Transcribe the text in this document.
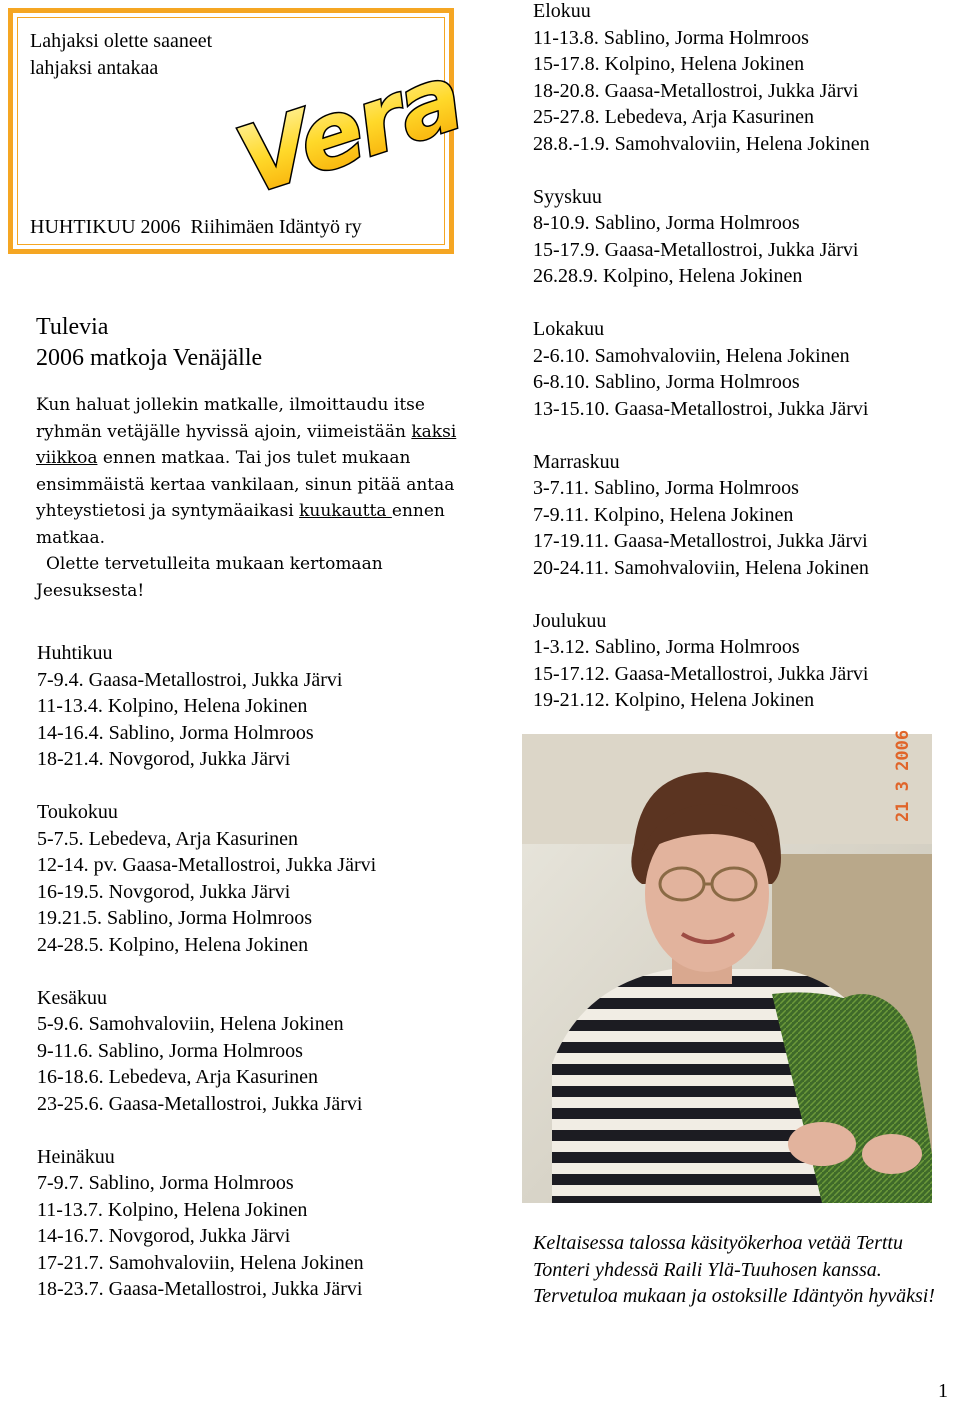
Lahjaksi olette saaneet
lahjaksi antakaa Vera
HUHTIKUU 2006 Riihimäen Idäntyö ry
Tulevia
2006 matkoja Venäjälle
Kun haluat jollekin matkalle, ilmoittaudu itse ryhmän vetäjälle hyvissä ajoin, viimeistään kaksi viikkoa ennen matkaa. Tai jos tulet mukaan ensimmäistä kertaa vankilaan, sinun pitää antaa yhteystietosi ja syntymäaikasi kuukautta ennen matkaa.
Olette tervetulleita mukaan kertomaan
Jeesuksesta!
Huhtikuu
7-9.4. Gaasa-Metallostroi, Jukka Järvi
11-13.4. Kolpino, Helena Jokinen
14-16.4. Sablino, Jorma Holmroos
18-21.4. Novgorod, Jukka Järvi
Toukokuu
5-7.5. Lebedeva, Arja Kasurinen
12-14. pv. Gaasa-Metallostroi, Jukka Järvi
16-19.5. Novgorod, Jukka Järvi
19.21.5. Sablino, Jorma Holmroos
24-28.5. Kolpino, Helena Jokinen
Kesäkuu
5-9.6. Samohvaloviin, Helena Jokinen
9-11.6. Sablino, Jorma Holmroos
16-18.6. Lebedeva, Arja Kasurinen
23-25.6. Gaasa-Metallostroi, Jukka Järvi
Heinäkuu
7-9.7. Sablino, Jorma Holmroos
11-13.7. Kolpino, Helena Jokinen
14-16.7. Novgorod, Jukka Järvi
17-21.7. Samohvaloviin, Helena Jokinen
18-23.7. Gaasa-Metallostroi, Jukka Järvi
Elokuu
11-13.8. Sablino, Jorma Holmroos
15-17.8. Kolpino, Helena Jokinen
18-20.8. Gaasa-Metallostroi, Jukka Järvi
25-27.8. Lebedeva, Arja Kasurinen
28.8.-1.9. Samohvaloviin, Helena Jokinen
Syyskuu
8-10.9. Sablino, Jorma Holmroos
15-17.9. Gaasa-Metallostroi, Jukka Järvi
26.28.9. Kolpino, Helena Jokinen
Lokakuu
2-6.10. Samohvaloviin, Helena Jokinen
6-8.10. Sablino, Jorma Holmroos
13-15.10. Gaasa-Metallostroi, Jukka Järvi
Marraskuu
3-7.11. Sablino, Jorma Holmroos
7-9.11. Kolpino, Helena Jokinen
17-19.11. Gaasa-Metallostroi, Jukka Järvi
20-24.11. Samohvaloviin, Helena Jokinen
Joulukuu
1-3.12. Sablino, Jorma Holmroos
15-17.12. Gaasa-Metallostroi, Jukka Järvi
19-21.12. Kolpino, Helena Jokinen
21 3 2006
Keltaisessa talossa käsityökerhoa vetää Terttu Tonteri yhdessä Raili Ylä-Tuuhosen kanssa. Tervetuloa mukaan ja ostoksille Idäntyön hyväksi!
1
